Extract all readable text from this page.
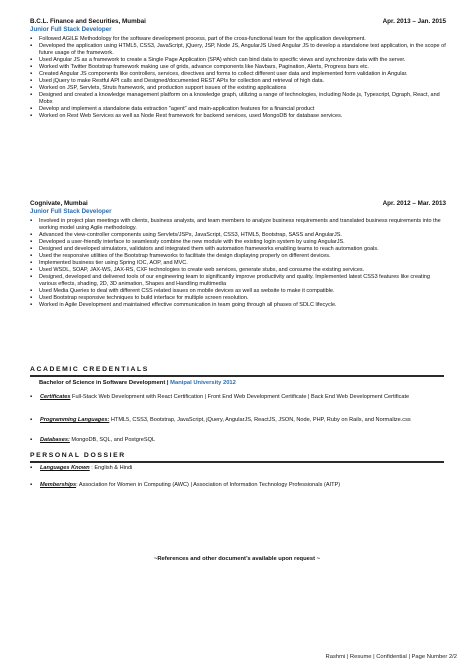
B.C.L. Finance and Securities, Mumbai	Apr. 2013 – Jan. 2015
Junior Full Stack Developer
▪ Followed AGILE Methodology for the software development process, part of the cross-functional team for the application development.
▪ Developed the application using HTML5, CSS3, JavaScript, jQuery, JSP, Node JS, AngularJS Used Angular JS to develop a standalone test application, in the scope of future usage of the framework.
▪ Used Angular JS as a framework to create a Single Page Application (SPA) which can bind data to specific views and synchronize data with the server.
▪ Worked with Twitter Bootstrap framework making use of grids, advance components like Navbars, Pagination, Alerts, Progress bars etc.
▪ Created Angular JS components like controllers, services, directives and forms to collect different user data and implemented form validation in Angular.
▪ Used jQuery to make Restful API calls and Designed/documented REST APIs for collection and retrieval of high data.
▪ Worked on JSP, Servlets, Struts framework, and production support issues of the existing applications
▪ Designed and created a knowledge management platform on a knowledge graph, utilizing a range of technologies, including Node.js, Typescript, Dgraph, React, and Mobx
▪ Develop and implement a standalone data extraction "agent" and main-application features for a financial product
▪ Worked on Rest Web Services as well as Node Rest framework for backend services, used MongoDB for database services.
Cognivate, Mumbai	Apr. 2012 – Mar. 2013
Junior Full Stack Developer
▪ Involved in project plan meetings with clients, business analysts, and team members to analyze business requirements and translated business requirements into the working model using Agile methodology.
▪ Advanced the view-controller components using Servlets/JSPs, JavaScript, CSS3, HTML5, Bootstrap, SASS and AngularJS.
▪ Developed a user-friendly interface to seamlessly combine the new module with the existing login system by using AngularJS.
▪ Designed and developed simulators, validators and integrated them with automation frameworks enabling teams to reach automation goals.
▪ Used the responsive utilities of the Bootstrap frameworks to facilitate the design displaying properly on different devices.
▪ Implemented business tier using Spring IOC, AOP, and MVC.
▪ Used WSDL, SOAP, JAX-WS, JAX-RS, CXF technologies to create web services, generate stubs, and consume the existing services.
▪ Designed, developed and delivered tools of our engineering team to significantly improve productivity and quality. Implemented latest CSS3 features like creating various effects, shading, 2D, 3D animation, Shapes and Handling multimedia
▪ Used Media Queries to deal with different CSS related issues on mobile devices as well as website to make it compatible.
▪ Used Bootstrap responsive techniques to build interface for multiple screen resolution.
▪ Worked in Agile Development and maintained effective communication in team going through all phases of SDLC lifecycle.
ACADEMIC CREDENTIALS
Bachelor of Science in Software Development | Manipal University 2012
▪ Certificates Full-Stack Web Development with React Certification | Front End Web Development Certificate | Back End Web Development Certificate
▪ Programming Languages: HTML5, CSS3, Bootstrap, JavaScript, jQuery, AngularJS, ReactJS, JSON, Node, PHP, Ruby on Rails, and Normalize.css
▪ Databases: MongoDB, SQL, and PostgreSQL
PERSONAL DOSSIER
▪ Languages Known : English & Hindi
▪ Memberships: Association for Women in Computing (AWC) | Association of Information Technology Professionals (AITP)
~References and other document’s available upon request ~
Rashmi | Resume | Confidential | Page Number 2/2
